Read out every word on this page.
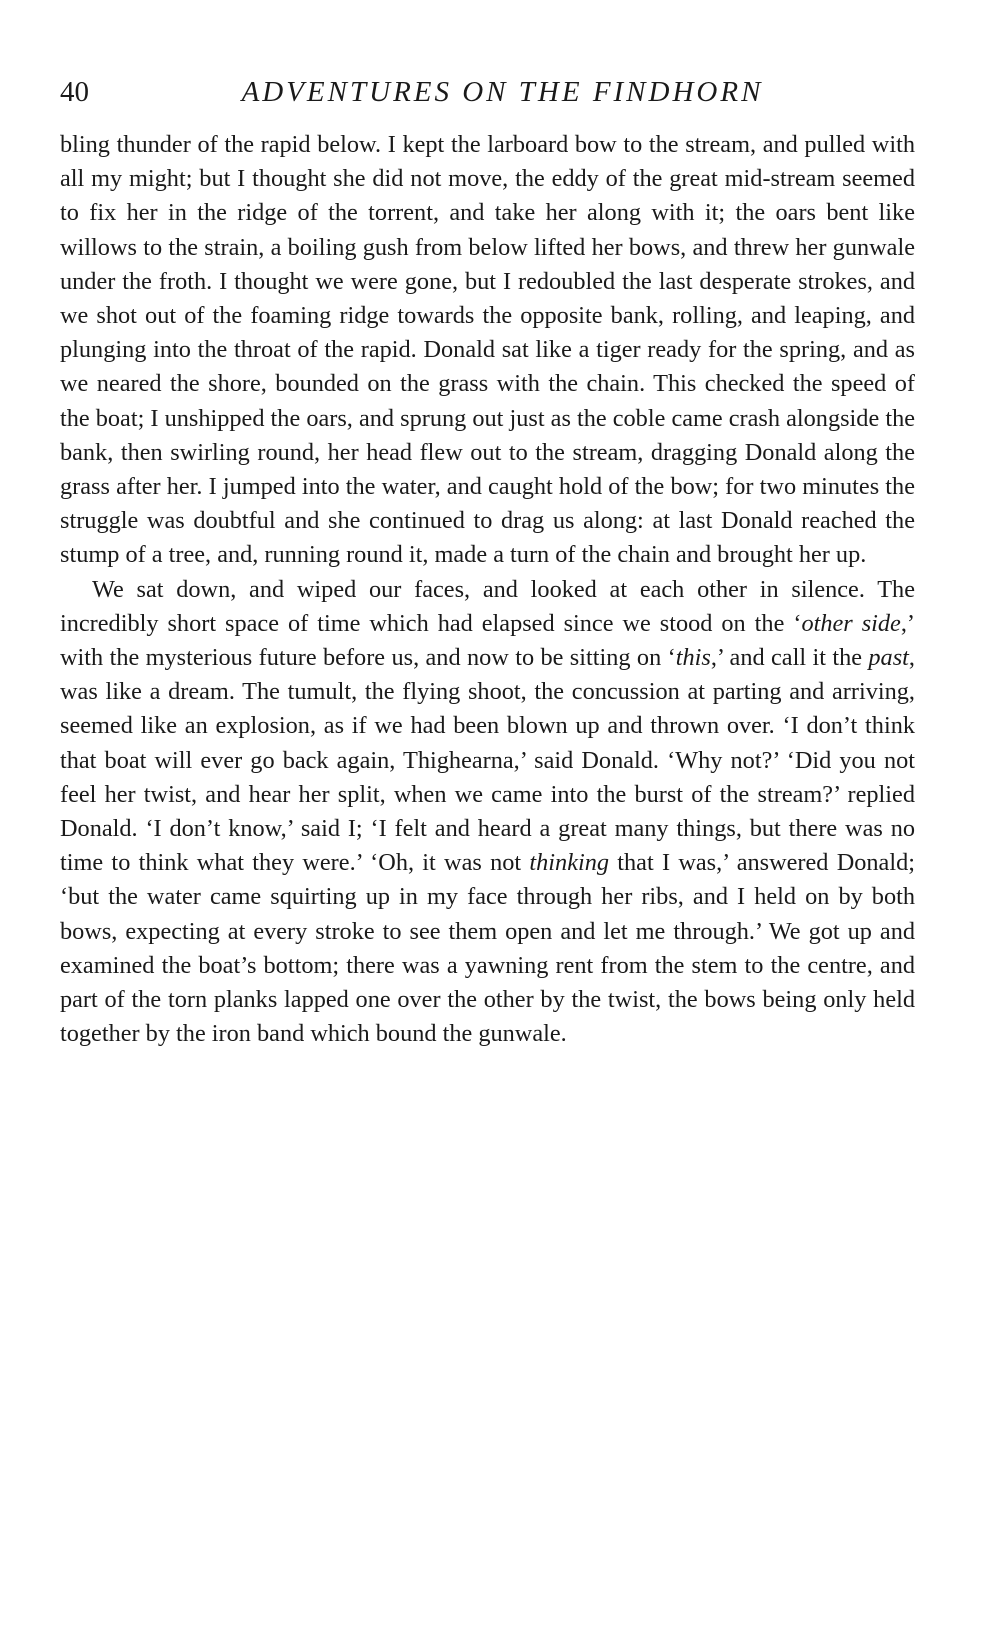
40	ADVENTURES ON THE FINDHORN

bling thunder of the rapid below. I kept the larboard bow to the stream, and pulled with all my might; but I thought she did not move, the eddy of the great mid-stream seemed to fix her in the ridge of the torrent, and take her along with it; the oars bent like willows to the strain, a boiling gush from below lifted her bows, and threw her gunwale under the froth. I thought we were gone, but I redoubled the last desperate strokes, and we shot out of the foaming ridge towards the opposite bank, rolling, and leaping, and plunging into the throat of the rapid. Donald sat like a tiger ready for the spring, and as we neared the shore, bounded on the grass with the chain. This checked the speed of the boat; I unshipped the oars, and sprung out just as the coble came crash alongside the bank, then swirling round, her head flew out to the stream, dragging Donald along the grass after her. I jumped into the water, and caught hold of the bow; for two minutes the struggle was doubtful and she continued to drag us along: at last Donald reached the stump of a tree, and, running round it, made a turn of the chain and brought her up.

We sat down, and wiped our faces, and looked at each other in silence. The incredibly short space of time which had elapsed since we stood on the ‘other side,’ with the mysterious future before us, and now to be sitting on ‘this,’ and call it the past, was like a dream. The tumult, the flying shoot, the concussion at parting and arriving, seemed like an explosion, as if we had been blown up and thrown over. ‘I don’t think that boat will ever go back again, Thighearna,’ said Donald. ‘Why not?’ ‘Did you not feel her twist, and hear her split, when we came into the burst of the stream?’ replied Donald. ‘I don’t know,’ said I; ‘I felt and heard a great many things, but there was no time to think what they were.’ ‘Oh, it was not thinking that I was,’ answered Donald; ‘but the water came squirting up in my face through her ribs, and I held on by both bows, expecting at every stroke to see them open and let me through.’ We got up and examined the boat’s bottom; there was a yawning rent from the stem to the centre, and part of the torn planks lapped one over the other by the twist, the bows being only held together by the iron band which bound the gunwale.
